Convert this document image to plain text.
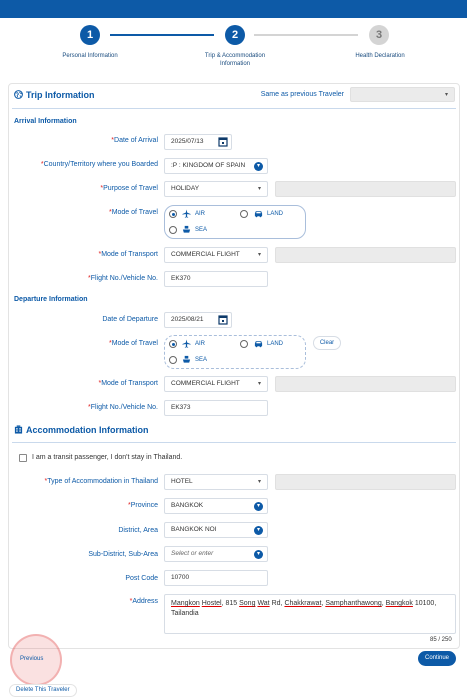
1	2	3
Personal Information	Trip & Accommodation Information
Health Declaration
Trip Information	Same as previous Traveler	▾
Arrival Information
*Date of Arrival	2025/07/13
*Country/Territory where you Boarded	:P : KINGDOM OF SPAIN	▾
*Purpose of Travel	HOLIDAY	▾
*Mode of Travel	AIR	LAND
SEA
*Mode of Transport	COMMERCIAL FLIGHT	▾
*Flight No./Vehicle No.	EK370
Departure Information
Date of Departure	2025/08/21
*Mode of Travel	AIR	LAND
SEA
Clear
*Mode of Transport	COMMERCIAL FLIGHT	▾
*Flight No./Vehicle No.	EK373
Accommodation Information
I am a transit passenger, I don't stay in Thailand.
*Type of Accommodation in Thailand	HOTEL	▾
*Province	BANGKOK	▾
District, Area	BANGKOK NOI	▾
Sub-District, Sub-Area	Select or enter	▾
Post Code	10700
*Address	Mangkon Hostel, 815 Song Wat Rd, Chakkrawat, Samphanthawong, Bangkok 10100,
Tailandia
85 / 250
Previous	Continue
Delete This Traveler
